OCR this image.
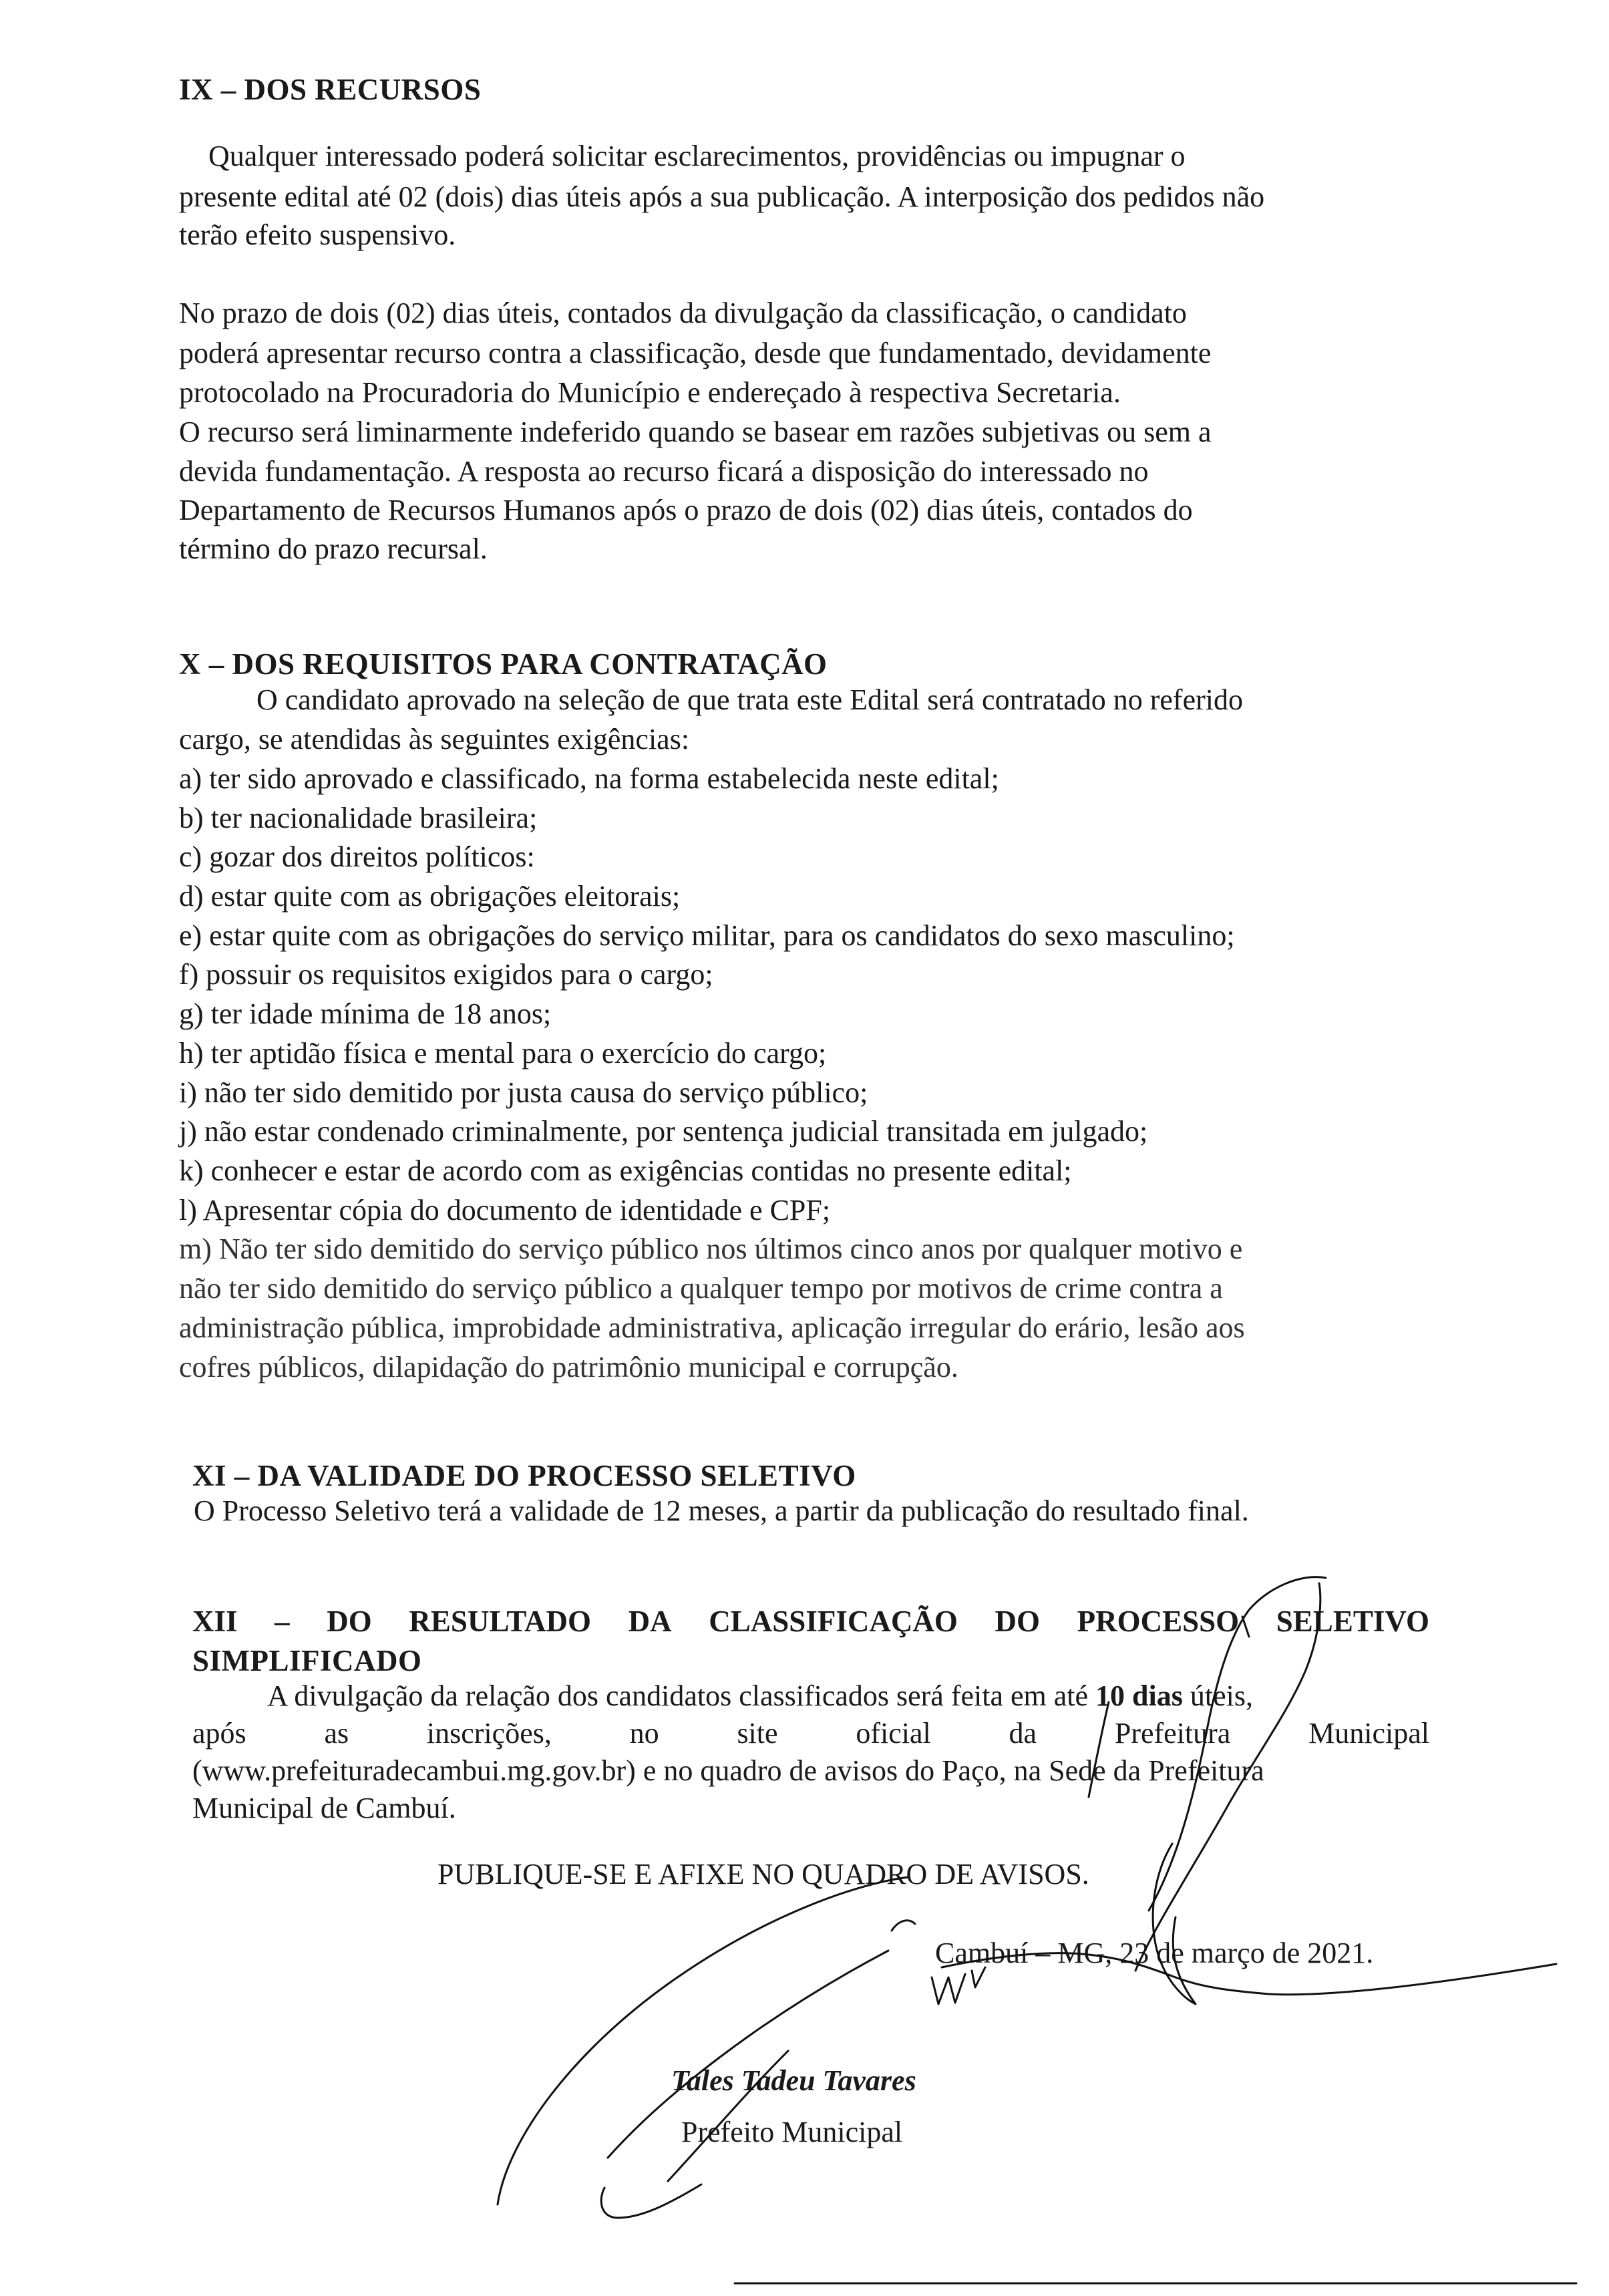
IX – DOS RECURSOS
Qualquer interessado poderá solicitar esclarecimentos, providências ou impugnar o
presente edital até 02 (dois) dias úteis após a sua publicação. A interposição dos pedidos não
terão efeito suspensivo.
No prazo de dois (02) dias úteis, contados da divulgação da classificação, o candidato
poderá apresentar recurso contra a classificação, desde que fundamentado, devidamente
protocolado na Procuradoria do Município e endereçado à respectiva Secretaria.
O recurso será liminarmente indeferido quando se basear em razões subjetivas ou sem a
devida fundamentação. A resposta ao recurso ficará a disposição do interessado no
Departamento de Recursos Humanos após o prazo de dois (02) dias úteis, contados do
término do prazo recursal.
X – DOS REQUISITOS PARA CONTRATAÇÃO
O candidato aprovado na seleção de que trata este Edital será contratado no referido
cargo, se atendidas às seguintes exigências:
a) ter sido aprovado e classificado, na forma estabelecida neste edital;
b) ter nacionalidade brasileira;
c) gozar dos direitos políticos:
d) estar quite com as obrigações eleitorais;
e) estar quite com as obrigações do serviço militar, para os candidatos do sexo masculino;
f) possuir os requisitos exigidos para o cargo;
g) ter idade mínima de 18 anos;
h) ter aptidão física e mental para o exercício do cargo;
i) não ter sido demitido por justa causa do serviço público;
j) não estar condenado criminalmente, por sentença judicial transitada em julgado;
k) conhecer e estar de acordo com as exigências contidas no presente edital;
l) Apresentar cópia do documento de identidade e CPF;
m) Não ter sido demitido do serviço público nos últimos cinco anos por qualquer motivo e
não ter sido demitido do serviço público a qualquer tempo por motivos de crime contra a
administração pública, improbidade administrativa, aplicação irregular do erário, lesão aos
cofres públicos, dilapidação do patrimônio municipal e corrupção.
XI – DA VALIDADE DO PROCESSO SELETIVO
O Processo Seletivo terá a validade de 12 meses, a partir da publicação do resultado final.
XII – DO RESULTADO DA CLASSIFICAÇÃO DO PROCESSO SELETIVO
SIMPLIFICADO
A divulgação da relação dos candidatos classificados será feita em até 10 dias úteis,
após	as	inscrições,	no	site	oficial	da	Prefeitura	Municipal
(www.prefeituradecambui.mg.gov.br) e no quadro de avisos do Paço, na Sede da Prefeitura
Municipal de Cambuí.
PUBLIQUE-SE E AFIXE NO QUADRO DE AVISOS.
Cambuí – MG, 23 de março de 2021.
Tales Tadeu Tavares
Prefeito Municipal
